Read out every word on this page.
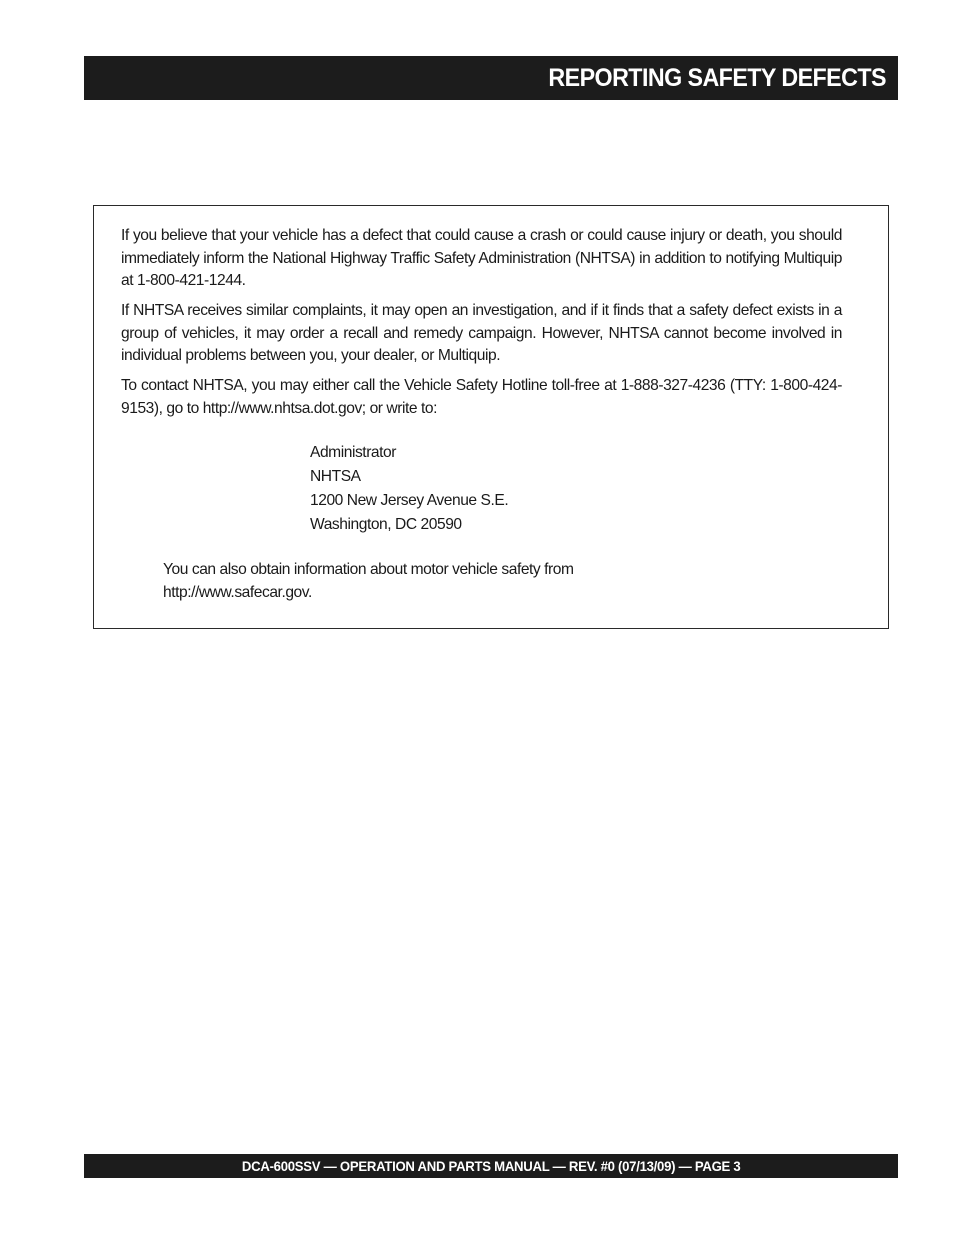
REPORTING SAFETY DEFECTS

If you believe that your vehicle has a defect that could cause a crash or could cause injury or death, you should immediately inform the National Highway Traffic Safety Administration (NHTSA) in addition to notifying Multiquip at 1-800-421-1244.

If NHTSA receives similar complaints, it may open an investigation, and if it finds that a safety defect exists in a group of vehicles, it may order a recall and remedy campaign. However, NHTSA cannot become involved in individual problems between you, your dealer, or Multiquip.

To contact NHTSA, you may either call the Vehicle Safety Hotline toll-free at 1-888-327-4236 (TTY: 1-800-424-9153), go to http://www.nhtsa.dot.gov; or write to:

Administrator
NHTSA
1200 New Jersey Avenue S.E.
Washington, DC 20590
You can also obtain information about motor vehicle safety from http://www.safecar.gov.
DCA-600SSV — OPERATION AND PARTS MANUAL — REV. #0 (07/13/09) — PAGE 3
